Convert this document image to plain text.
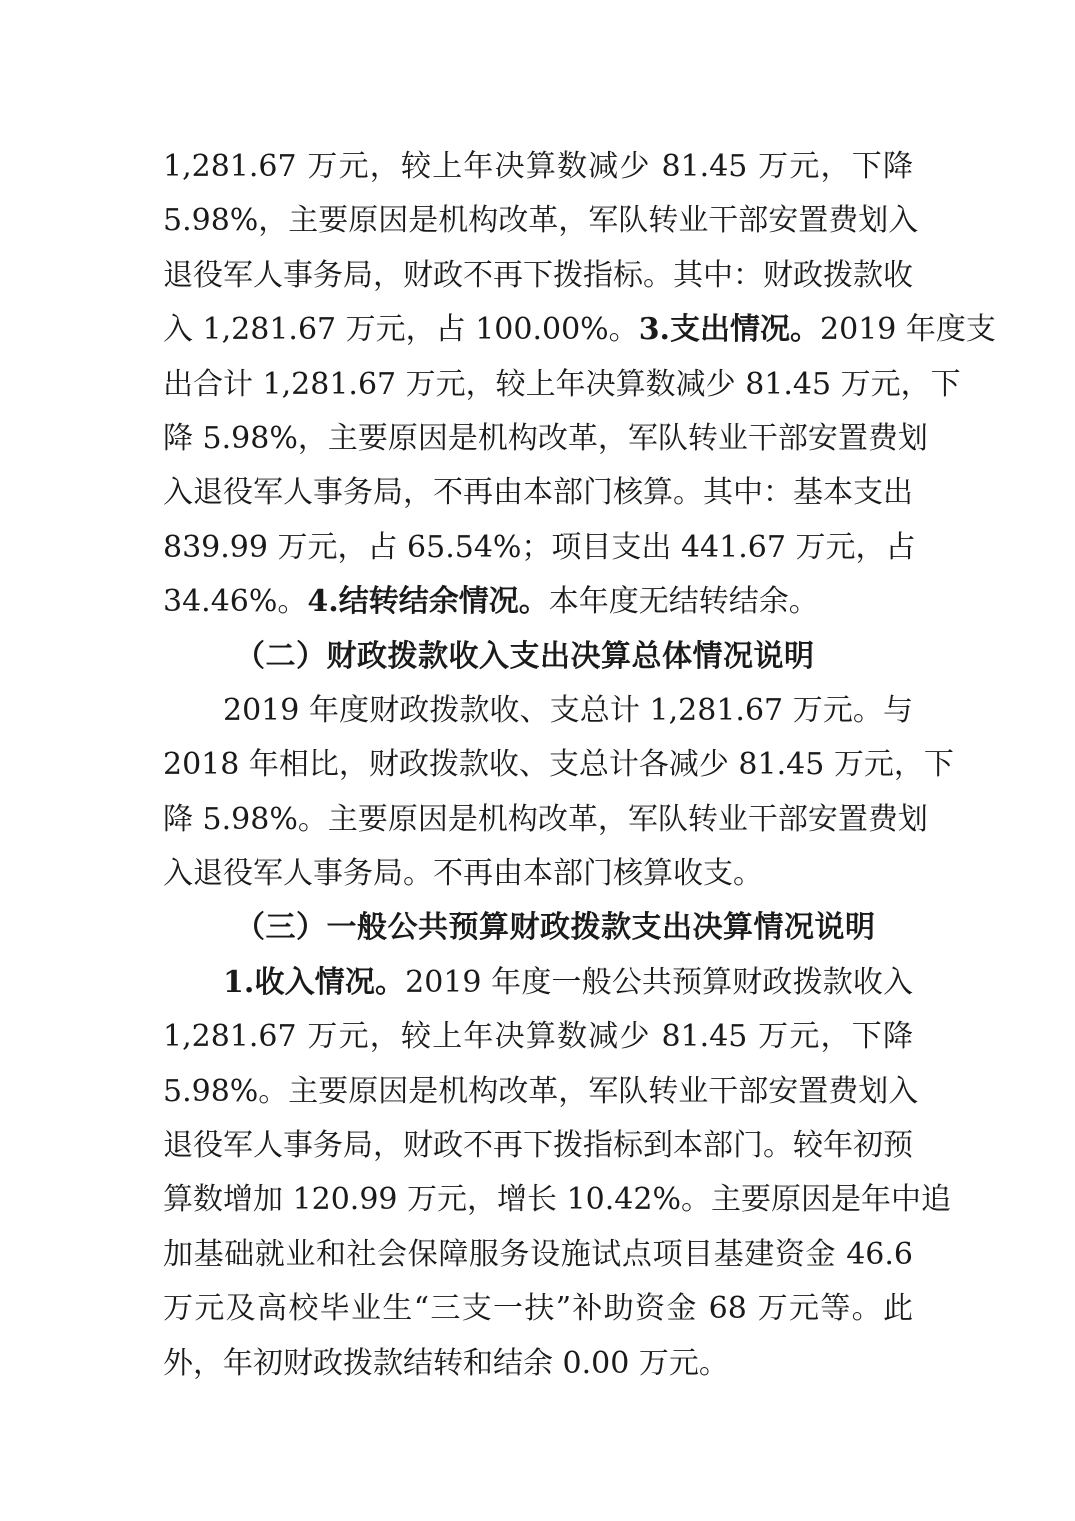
1,281.67 万元，较上年决算数减少 81.45 万元，下降
5.98%，主要原因是机构改革，军队转业干部安置费划入
退役军人事务局，财政不再下拨指标。其中：财政拨款收
入 1,281.67 万元，占 100.00%。3.支出情况。2019 年度支
出合计 1,281.67 万元，较上年决算数减少 81.45 万元，下
降 5.98%，主要原因是机构改革，军队转业干部安置费划
入退役军人事务局，不再由本部门核算。其中：基本支出
839.99 万元，占 65.54%；项目支出 441.67 万元，占
34.46%。4.结转结余情况。本年度无结转结余。
（二）财政拨款收入支出决算总体情况说明
2019 年度财政拨款收、支总计 1,281.67 万元。与
2018 年相比，财政拨款收、支总计各减少 81.45 万元，下
降 5.98%。主要原因是机构改革，军队转业干部安置费划
入退役军人事务局。不再由本部门核算收支。
（三）一般公共预算财政拨款支出决算情况说明
1.收入情况。2019 年度一般公共预算财政拨款收入
1,281.67 万元，较上年决算数减少 81.45 万元，下降
5.98%。主要原因是机构改革，军队转业干部安置费划入
退役军人事务局，财政不再下拨指标到本部门。较年初预
算数增加 120.99 万元，增长 10.42%。主要原因是年中追
加基础就业和社会保障服务设施试点项目基建资金 46.6
万元及高校毕业生“三支一扶”补助资金 68 万元等。此
外，年初财政拨款结转和结余 0.00 万元。
